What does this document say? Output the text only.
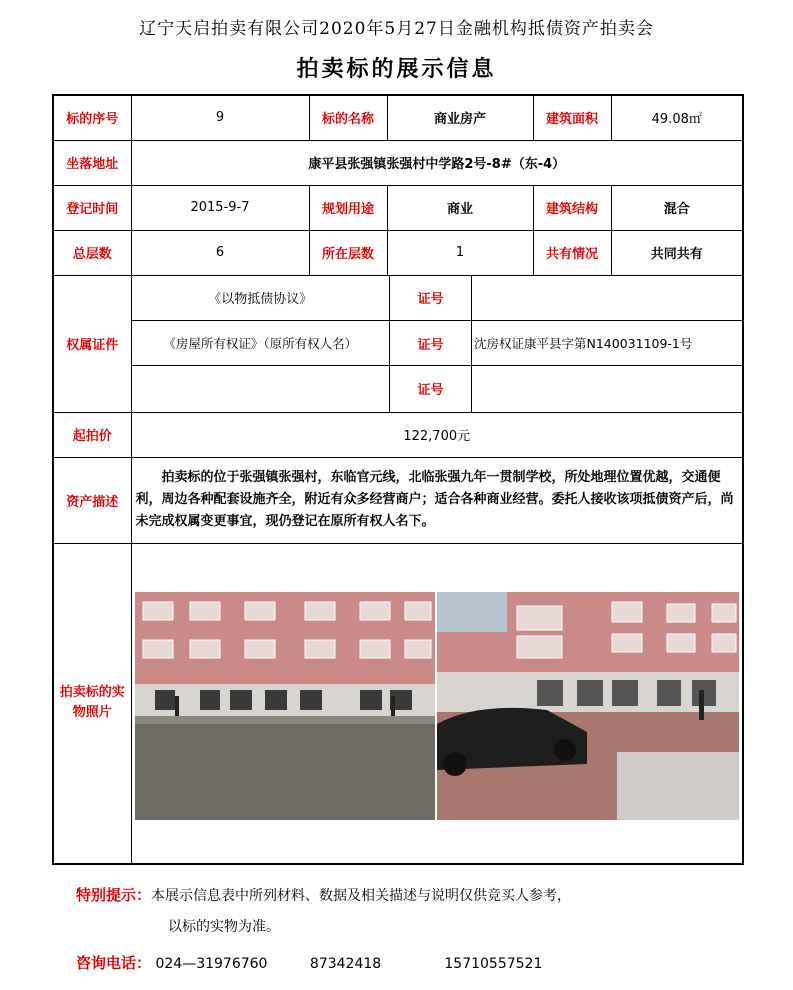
辽宁天启拍卖有限公司2020年5月27日金融机构抵债资产拍卖会
拍卖标的展示信息
标的序号	9	标的名称	商业房产	建筑面积	49.08㎡
坐落地址	康平县张强镇张强村中学路2号-8#（东-4）
登记时间	2015-9-7	规划用途	商业	建筑结构	混合
总层数	6	所在层数	1	共有情况	共同共有
权属证件	
《以物抵债协议》	证号	
《房屋所有权证》（原所有权人名）	证号	沈房权证康平县字第N140031109-1号
	证号	

起拍价	122,700元
资产描述	拍卖标的位于张强镇张强村，东临官元线，北临张强九年一贯制学校，所处地理位置优越，交通便利，周边各种配套设施齐全，附近有众多经营商户；适合各种商业经营。委托人接收该项抵债资产后，尚未完成权属变更事宜，现仍登记在原所有权人名下。
拍卖标的实物照片	
特别提示：本展示信息表中所列材料、数据及相关描述与说明仅供竞买人参考，
以标的实物为准。
咨询电话： 024—31976760	87342418	15710557521
